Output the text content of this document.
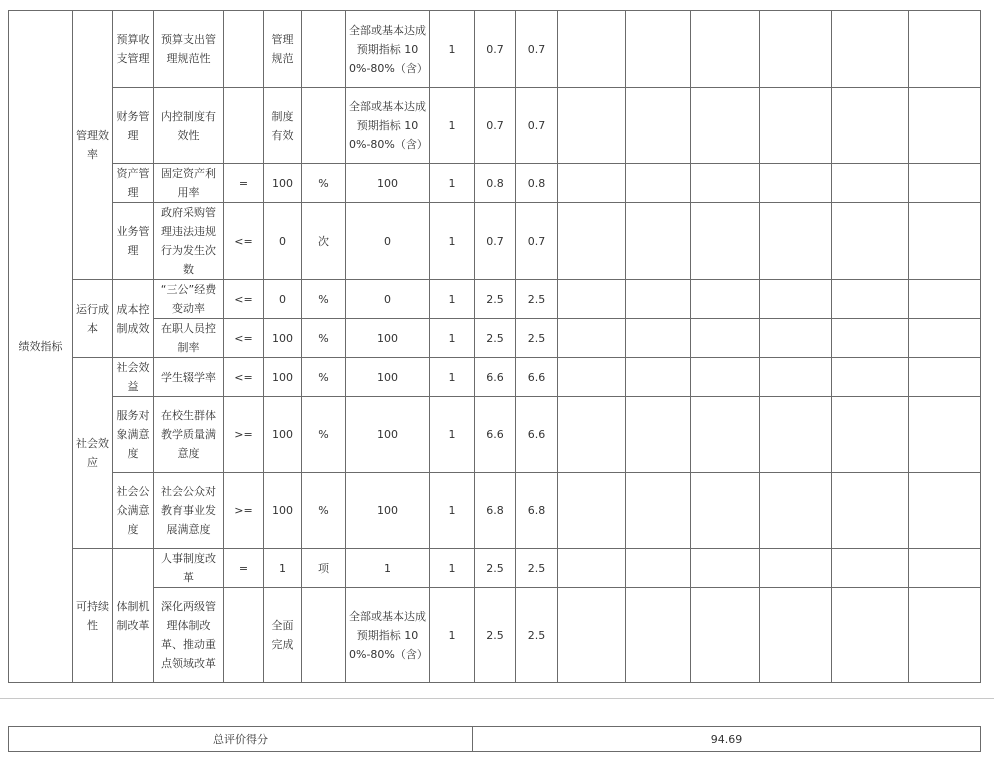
绩效指标	管理效率	预算收支管理	预算支出管理规范性		管理规范		全部或基本达成预期指标 100%-80%（含）	1	0.7	0.7						
		财务管理	内控制度有效性		制度有效		全部或基本达成预期指标 100%-80%（含）	1	0.7	0.7						
		资产管理	固定资产利用率	=	100	%	100	1	0.8	0.8						
		业务管理	政府采购管理违法违规行为发生次数	<=	0	次	0	1	0.7	0.7						
	运行成本	成本控制成效	“三公”经费变动率	<=	0	%	0	1	2.5	2.5						
			在职人员控制率	<=	100	%	100	1	2.5	2.5						
	社会效应	社会效益	学生辍学率	<=	100	%	100	1	6.6	6.6						
		服务对象满意度	在校生群体教学质量满意度	>=	100	%	100	1	6.6	6.6						
		社会公众满意度	社会公众对教育事业发展满意度	>=	100	%	100	1	6.8	6.8						
	可持续性	体制机制改革	人事制度改革	=	1	项	1	1	2.5	2.5						
			深化两级管理体制改革、推动重点领域改革		全面完成		全部或基本达成预期指标 100%-80%（含）	1	2.5	2.5						
总评价得分	94.69
